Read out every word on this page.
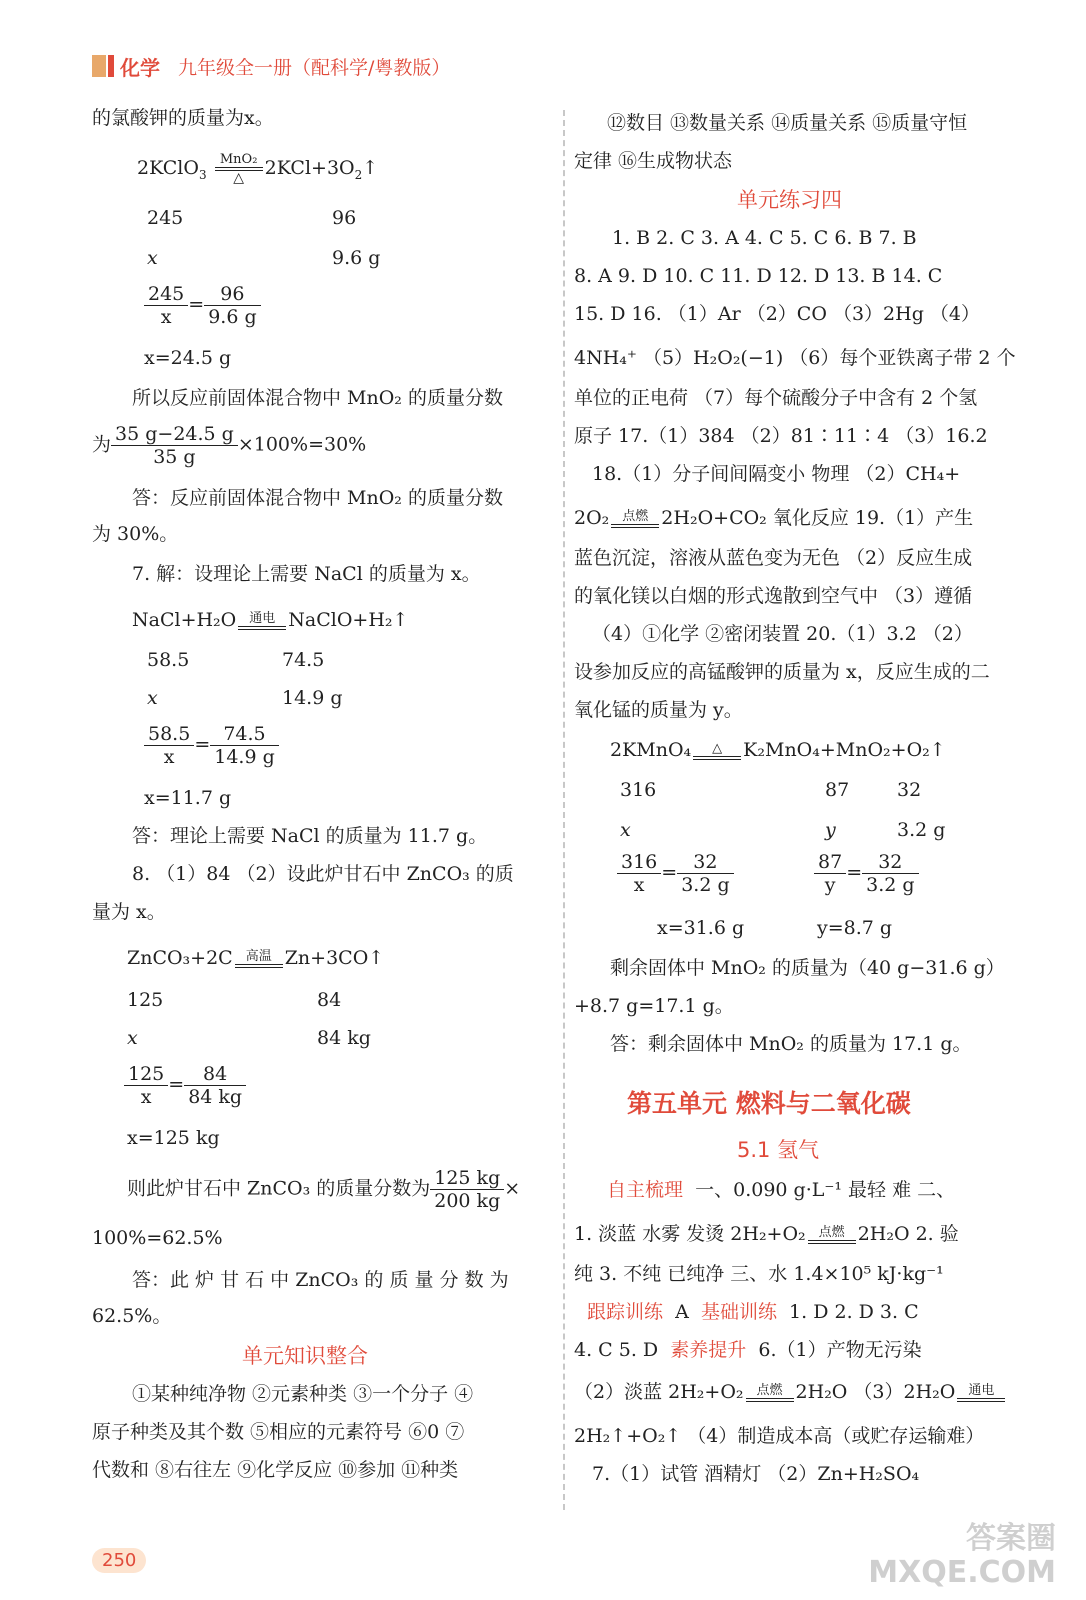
化学 九年级全一册（配科学/粤教版）
的氯酸钾的质量为x。
2KClO$_3$
MnO₂
△	$2KCl+3O_2↑$
245	96
x	9.6 g
$\frac{245}{x} = \frac{96}{9.6 g}$
x=24.5 g
所以反应前固体混合物中 MnO₂ 的质量分数
为 $\frac{35 g-24.5 g}{35 g} \times 100\%=30\%$
答：反应前固体混合物中 MnO₂ 的质量分数
为 30%。
7. 解：设理论上需要 NaCl 的质量为 x。
NaCl+H₂O 通电 NaClO+H₂↑
58.5	74.5
x	14.9 g
$\frac{58.5}{x} = \frac{74.5}{14.9 g}$
x=11.7 g
答：理论上需要 NaCl 的质量为 11.7 g。
8. （1）84 （2）设此炉甘石中 ZnCO₃ 的质
量为 x。
ZnCO₃+2C 高温 Zn+3CO↑
125	84
x	84 kg
$\frac{125}{x} = \frac{84}{84 kg}$
x=125 kg
则此炉甘石中 ZnCO₃ 的质量分数为 $\frac{125 kg}{200 kg}$ ×
100%=62.5%
答：此 炉 甘 石 中 ZnCO₃ 的 质 量 分 数 为
62.5%。
单元知识整合
①某种纯净物 ②元素种类 ③一个分子 ④
原子种类及其个数 ⑤相应的元素符号 ⑥0 ⑦
代数和 ⑧右往左 ⑨化学反应 ⑩参加 ⑪种类
⑫数目 ⑬数量关系 ⑭质量关系 ⑮质量守恒
定律 ⑯生成物状态
单元练习四
1. B 2. C 3. A 4. C 5. C 6. B 7. B
8. A 9. D 10. C 11. D 12. D 13. B 14. C
15. D 16. （1）Ar （2）CO （3）2Hg （4）
4NH₄⁺ （5）H₂O₂(−1) （6）每个亚铁离子带 2 个
单位的正电荷 （7）每个硫酸分子中含有 2 个氢
原子 17.（1）384 （2）81∶11∶4 （3）16.2
18.（1）分子间间隔变小 物理 （2）CH₄+
2O₂ 点燃 2H₂O+CO₂ 氧化反应 19.（1）产生
蓝色沉淀，溶液从蓝色变为无色 （2）反应生成
的氧化镁以白烟的形式逸散到空气中 （3）遵循
（4）①化学 ②密闭装置 20.（1）3.2 （2）
设参加反应的高锰酸钾的质量为 x，反应生成的二
氧化锰的质量为 y。
2KMnO₄	△	K₂MnO₄+MnO₂+O₂↑
316	87	32
x	y	3.2 g
$\frac{316}{x} = \frac{32}{3.2 g}$	$\frac{87}{y} = \frac{32}{3.2 g}$
x=31.6 g	y=8.7 g
剩余固体中 MnO₂ 的质量为（40 g−31.6 g）
+8.7 g=17.1 g。
答：剩余固体中 MnO₂ 的质量为 17.1 g。
第五单元 燃料与二氧化碳
5.1 氢气
自主梳理 一、0.090 g·L⁻¹ 最轻 难 二、
1. 淡蓝 水雾 发烫 2H₂+O₂ 点燃 2H₂O 2. 验
纯 3. 不纯 已纯净 三、水 1.4×10⁵ kJ·kg⁻¹
跟踪训练 A 基础训练 1. D 2. D 3. C
4. C 5. D 素养提升 6.（1）产物无污染
（2）淡蓝 2H₂+O₂ 点燃 2H₂O （3）2H₂O 通电
2H₂↑+O₂↑ （4）制造成本高（或贮存运输难）
7.（1）试管 酒精灯 （2）Zn+H₂SO₄
250
答案圈
MXQE.COM
